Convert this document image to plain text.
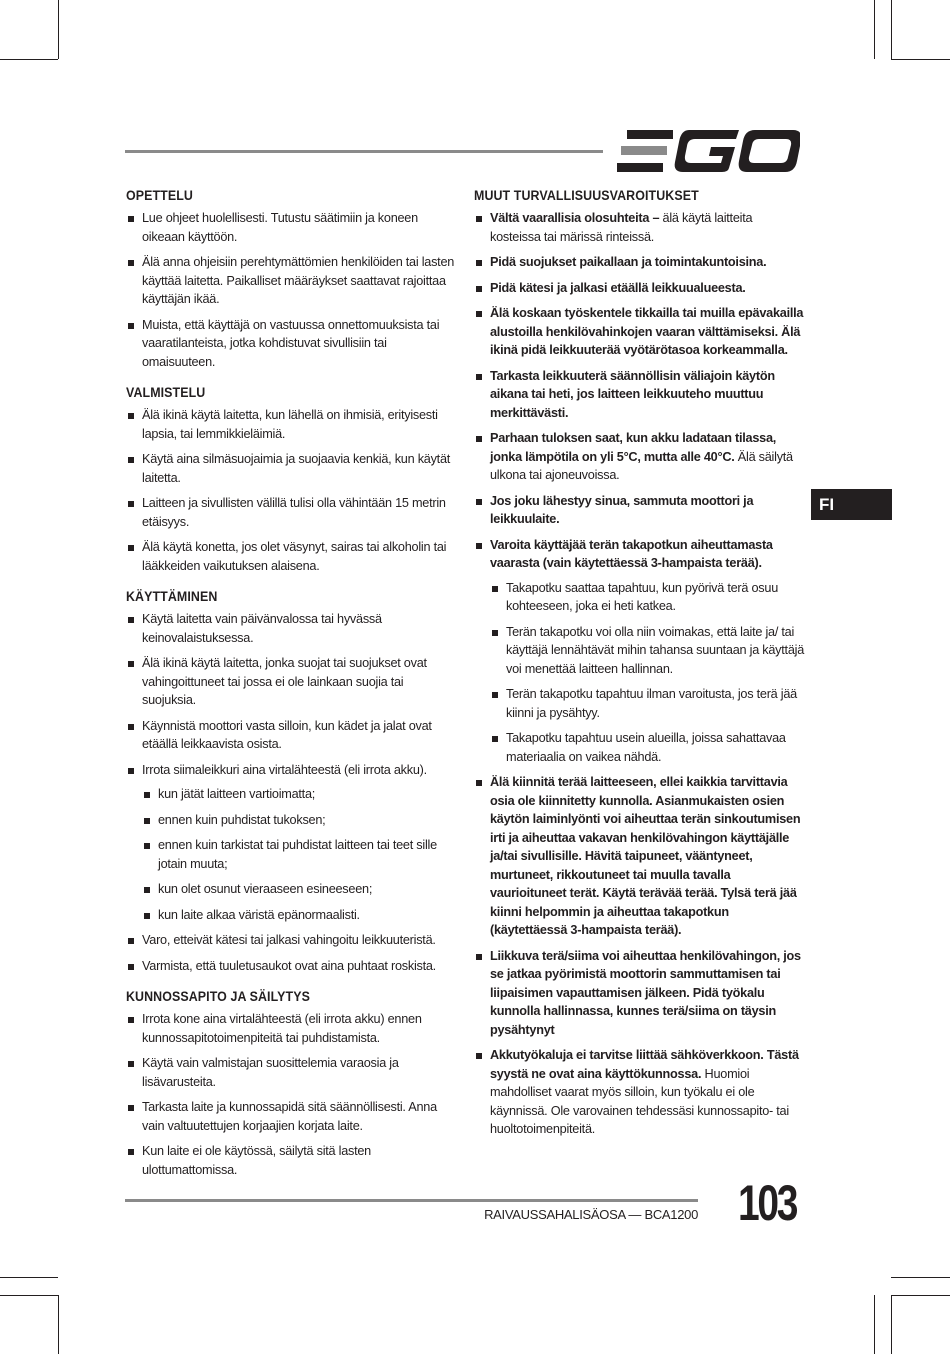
OPETTELU
Lue ohjeet huolellisesti. Tutustu säätimiin ja koneen oikeaan käyttöön.
Älä anna ohjeisiin perehtymättömien henkilöiden tai lasten käyttää laitetta. Paikalliset määräykset saattavat rajoittaa käyttäjän ikää.
Muista, että käyttäjä on vastuussa onnettomuuksista tai vaaratilanteista, jotka kohdistuvat sivullisiin tai omaisuuteen.
VALMISTELU
Älä ikinä käytä laitetta, kun lähellä on ihmisiä, erityisesti lapsia, tai lemmikkieläimiä.
Käytä aina silmäsuojaimia ja suojaavia kenkiä, kun käytät laitetta.
Laitteen ja sivullisten välillä tulisi olla vähintään 15 metrin etäisyys.
Älä käytä konetta, jos olet väsynyt, sairas tai alkoholin tai lääkkeiden vaikutuksen alaisena.
KÄYTTÄMINEN
Käytä laitetta vain päivänvalossa tai hyvässä keinovalaistuksessa.
Älä ikinä käytä laitetta, jonka suojat tai suojukset ovat vahingoittuneet tai jossa ei ole lainkaan suojia tai suojuksia.
Käynnistä moottori vasta silloin, kun kädet ja jalat ovat etäällä leikkaavista osista.
Irrota siimaleikkuri aina virtalähteestä (eli irrota akku).
kun jätät laitteen vartioimatta;
ennen kuin puhdistat tukoksen;
ennen kuin tarkistat tai puhdistat laitteen tai teet sille jotain muuta;
kun olet osunut vieraaseen esineeseen;
kun laite alkaa väristä epänormaalisti.
Varo, etteivät kätesi tai jalkasi vahingoitu leikkuuteristä.
Varmista, että tuuletusaukot ovat aina puhtaat roskista.
KUNNOSSAPITO JA SÄILYTYS
Irrota kone aina virtalähteestä (eli irrota akku) ennen kunnossapitotoimenpiteitä tai puhdistamista.
Käytä vain valmistajan suosittelemia varaosia ja lisävarusteita.
Tarkasta laite ja kunnossapidä sitä säännöllisesti. Anna vain valtuutettujen korjaajien korjata laite.
Kun laite ei ole käytössä, säilytä sitä lasten ulottumattomissa.
MUUT TURVALLISUUSVAROITUKSET
Vältä vaarallisia olosuhteita – älä käytä laitteita kosteissa tai märissä rinteissä.
Pidä suojukset paikallaan ja toimintakuntoisina.
Pidä kätesi ja jalkasi etäällä leikkuualueesta.
Älä koskaan työskentele tikkailla tai muilla epävakailla alustoilla henkilövahinkojen vaaran välttämiseksi. Älä ikinä pidä leikkuuterää vyötärötasoa korkeammalla.
Tarkasta leikkuuterä säännöllisin väliajoin käytön aikana tai heti, jos laitteen leikkuuteho muuttuu merkittävästi.
Parhaan tuloksen saat, kun akku ladataan tilassa, jonka lämpötila on yli 5°C, mutta alle 40°C. Älä säilytä ulkona tai ajoneuvoissa.
Jos joku lähestyy sinua, sammuta moottori ja leikkuulaite.
Varoita käyttäjää terän takapotkun aiheuttamasta vaarasta (vain käytettäessä 3-hampaista terää).
Takapotku saattaa tapahtuu, kun pyörivä terä osuu kohteeseen, joka ei heti katkea.
Terän takapotku voi olla niin voimakas, että laite ja/ tai käyttäjä lennähtävät mihin tahansa suuntaan ja käyttäjä voi menettää laitteen hallinnan.
Terän takapotku tapahtuu ilman varoitusta, jos terä jää kiinni ja pysähtyy.
Takapotku tapahtuu usein alueilla, joissa sahattavaa materiaalia on vaikea nähdä.
Älä kiinnitä terää laitteeseen, ellei kaikkia tarvittavia osia ole kiinnitetty kunnolla. Asianmukaisten osien käytön laiminlyönti voi aiheuttaa terän sinkoutumisen irti ja aiheuttaa vakavan henkilövahingon käyttäjälle ja/tai sivullisille. Hävitä taipuneet, vääntyneet, murtuneet, rikkoutuneet tai muulla tavalla vaurioituneet terät. Käytä terävää terää. Tylsä terä jää kiinni helpommin ja aiheuttaa takapotkun (käytettäessä 3-hampaista terää).
Liikkuva terä/siima voi aiheuttaa henkilövahingon, jos se jatkaa pyörimistä moottorin sammuttamisen tai liipaisimen vapauttamisen jälkeen. Pidä työkalu kunnolla hallinnassa, kunnes terä/siima on täysin pysähtynyt
Akkutyökaluja ei tarvitse liittää sähköverkkoon. Tästä syystä ne ovat aina käyttökunnossa. Huomioi mahdolliset vaarat myös silloin, kun työkalu ei ole käynnissä. Ole varovainen tehdessäsi kunnossapito- tai huoltotoimenpiteitä.
FI
RAIVAUSSAHALISÄOSA — BCA1200 103
